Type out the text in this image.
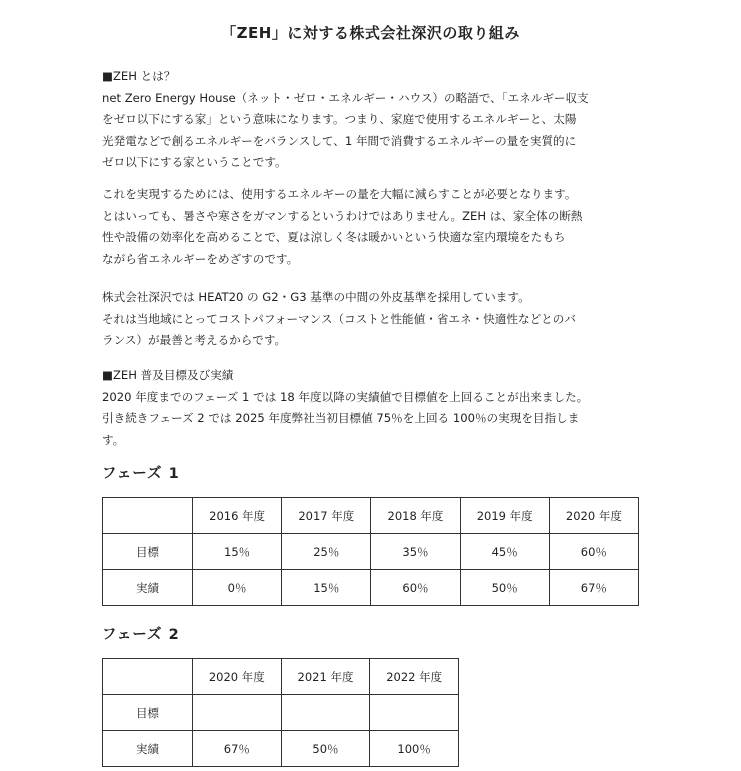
「ZEH」に対する株式会社深沢の取り組み
■ZEH とは？
net Zero Energy House（ネット・ゼロ・エネルギー・ハウス）の略語で、「エネルギー収支
をゼロ以下にする家」という意味になります。つまり、家庭で使用するエネルギーと、太陽
光発電などで創るエネルギーをバランスして、1 年間で消費するエネルギーの量を実質的に
ゼロ以下にする家ということです。
これを実現するためには、使用するエネルギーの量を大幅に減らすことが必要となります。
とはいっても、暑さや寒さをガマンするというわけではありません。ZEH は、家全体の断熱
性や設備の効率化を高めることで、夏は涼しく冬は暖かいという快適な室内環境をたもち
ながら省エネルギーをめざすのです。
株式会社深沢では HEAT20 の G2・G3 基準の中間の外皮基準を採用しています。
それは当地域にとってコストパフォーマンス（コストと性能値・省エネ・快適性などとのバ
ランス）が最善と考えるからです。
■ZEH 普及目標及び実績
2020 年度までのフェーズ 1 では 18 年度以降の実績値で目標値を上回ることが出来ました。
引き続きフェーズ 2 では 2025 年度弊社当初目標値 75％を上回る 100％の実現を目指しま
す。
フェーズ 1
	2016 年度	2017 年度	2018 年度	2019 年度	2020 年度
目標	15％	25％	35％	45％	60％
実績	0％	15％	60％	50％	67％
フェーズ 2
	2020 年度	2021 年度	2022 年度
目標			
実績	67％	50％	100％
